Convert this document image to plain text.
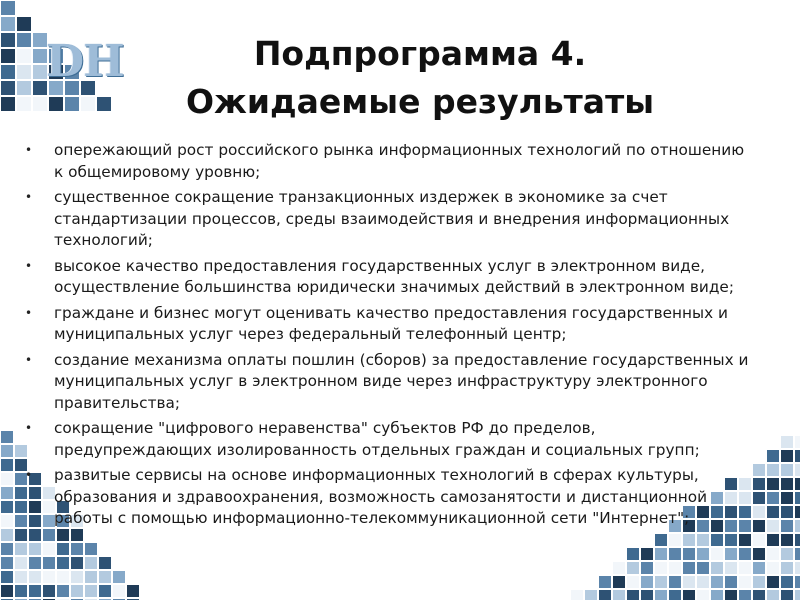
DH	Подпрограмма 4.
Ожидаемые результаты
• опережающий рост российского рынка информационных технологий по отношению к общемировому уровню;
• существенное сокращение транзакционных издержек в экономике за счет стандартизации процессов, среды взаимодействия и внедрения информационных технологий;
• высокое качество предоставления государственных услуг в электронном виде, осуществление большинства юридически значимых действий в электронном виде;
• граждане и бизнес могут оценивать качество предоставления государственных и муниципальных услуг через федеральный телефонный центр;
• создание механизма оплаты пошлин (сборов) за предоставление государственных и муниципальных услуг в электронном виде через инфраструктуру электронного правительства;
• сокращение "цифрового неравенства" субъектов РФ до пределов, предупреждающих изолированность отдельных граждан и социальных групп;
• развитые сервисы на основе информационных технологий в сферах культуры, образования и здравоохранения, возможность самозанятости и дистанционной работы с помощью информационно-телекоммуникационной сети "Интернет";
